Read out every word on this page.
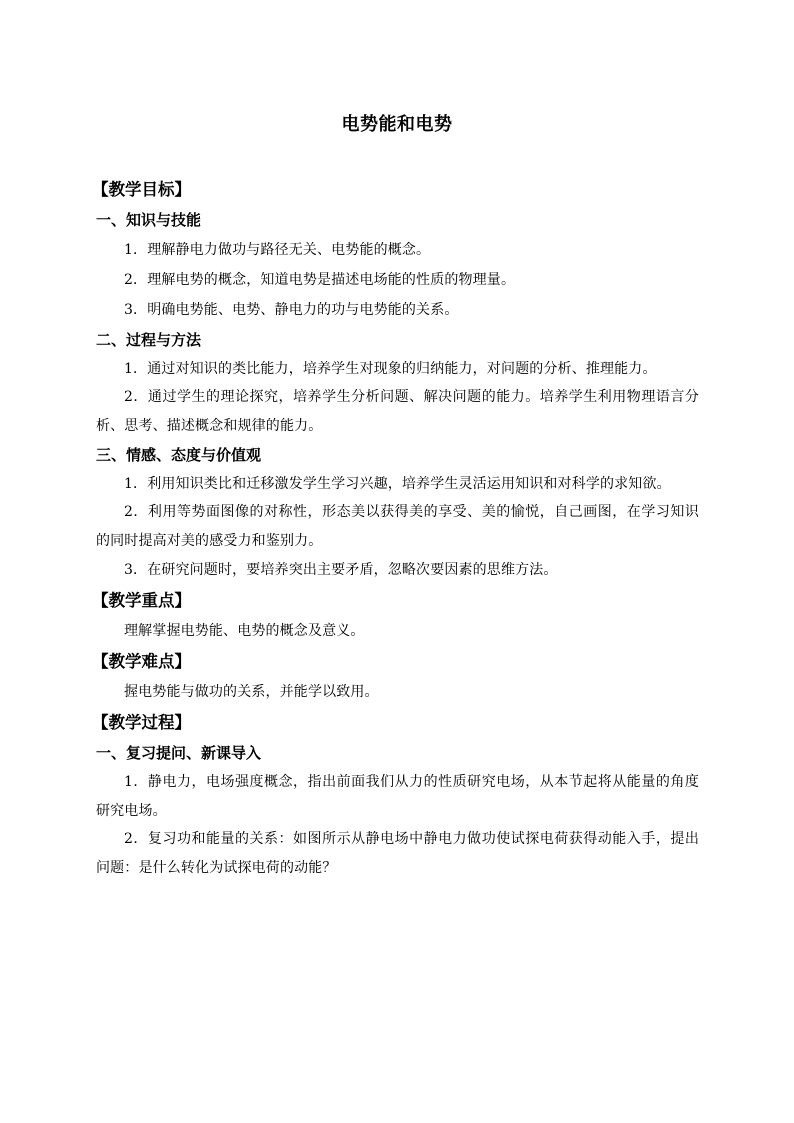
电势能和电势
【教学目标】
一、知识与技能

1．理解静电力做功与路径无关、电势能的概念。

2．理解电势的概念，知道电势是描述电场能的性质的物理量。

3．明确电势能、电势、静电力的功与电势能的关系。

二、过程与方法

1．通过对知识的类比能力，培养学生对现象的归纳能力，对问题的分析、推理能力。

2．通过学生的理论探究，培养学生分析问题、解决问题的能力。培养学生利用物理语言分析、思考、描述概念和规律的能力。

三、情感、态度与价值观

1．利用知识类比和迁移激发学生学习兴趣，培养学生灵活运用知识和对科学的求知欲。

2．利用等势面图像的对称性，形态美以获得美的享受、美的愉悦，自己画图，在学习知识的同时提高对美的感受力和鉴别力。

3．在研究问题时，要培养突出主要矛盾，忽略次要因素的思维方法。

【教学重点】

理解掌握电势能、电势的概念及意义。

【教学难点】

握电势能与做功的关系，并能学以致用。

【教学过程】
一、复习提问、新课导入

1．静电力，电场强度概念，指出前面我们从力的性质研究电场，从本节起将从能量的角度研究电场。

2．复习功和能量的关系：如图所示从静电场中静电力做功使试探电荷获得动能入手，提出问题：是什么转化为试探电荷的动能？
